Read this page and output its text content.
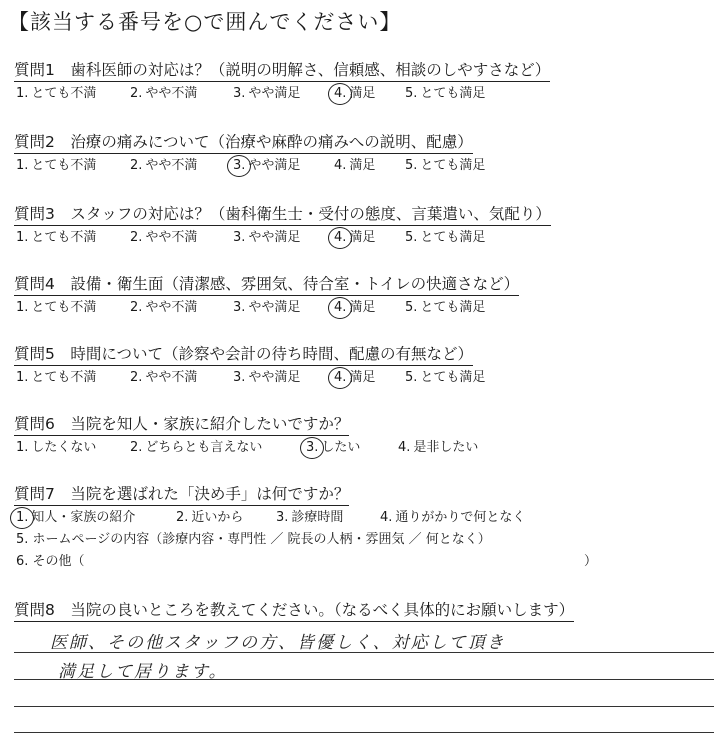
【該当する番号を○で囲んでください】
質問1　歯科医師の対応は？（説明の明解さ、信頼感、相談のしやすさなど）
1. とても不満	2. やや不満	3. やや満足	4. 満足 5. とても満足
質問2　治療の痛みについて（治療や麻酔の痛みへの説明、配慮）
1. とても不満	2. やや不満	3. やや満足	4. 満足 5. とても満足
質問3　スタッフの対応は？（歯科衛生士・受付の態度、言葉遣い、気配り）
1. とても不満	2. やや不満	3. やや満足	4. 満足 5. とても満足
質問4　設備・衛生面（清潔感、雰囲気、待合室・トイレの快適さなど）
1. とても不満	2. やや不満	3. やや満足	4. 満足 5. とても満足
質問5　時間について（診察や会計の待ち時間、配慮の有無など）
1. とても不満	2. やや不満	3. やや満足	4. 満足 5. とても満足
質問6　当院を知人・家族に紹介したいですか？
1. したくない	2. どちらとも言えない	3. したい	4. 是非したい
質問7　当院を選ばれた「決め手」は何ですか？
1. 知人・家族の紹介	2. 近いから	3. 診療時間	4. 通りがかりで何となく
5. ホームページの内容（診療内容・専門性 ／ 院長の人柄・雰囲気 ／ 何となく）
6. その他（	）
質問8　当院の良いところを教えてください。（なるべく具体的にお願いします）
医師、その他スタッフの方、皆優しく、対応して頂き
満足して居ります。
